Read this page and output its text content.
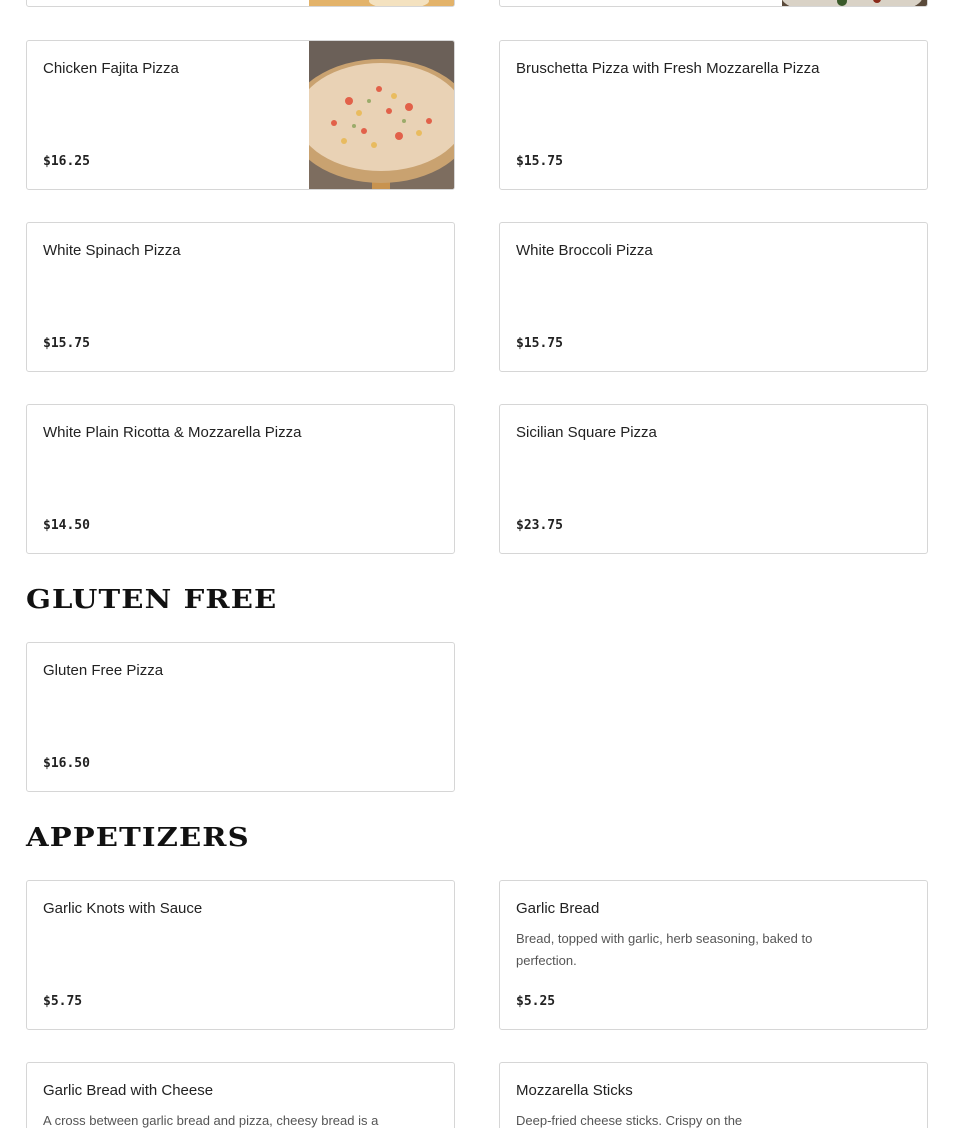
Chicken Fajita Pizza
$16.25
Bruschetta Pizza with Fresh Mozzarella Pizza
$15.75
White Spinach Pizza
$15.75
White Broccoli Pizza
$15.75
White Plain Ricotta & Mozzarella Pizza
$14.50
Sicilian Square Pizza
$23.75
GLUTEN FREE
Gluten Free Pizza
$16.50
APPETIZERS
Garlic Knots with Sauce
$5.75
Garlic Bread
Bread, topped with garlic, herb seasoning, baked to perfection.
$5.25
Garlic Bread with Cheese
A cross between garlic bread and pizza, cheesy bread is a
Mozzarella Sticks
Deep-fried cheese sticks. Crispy on the
